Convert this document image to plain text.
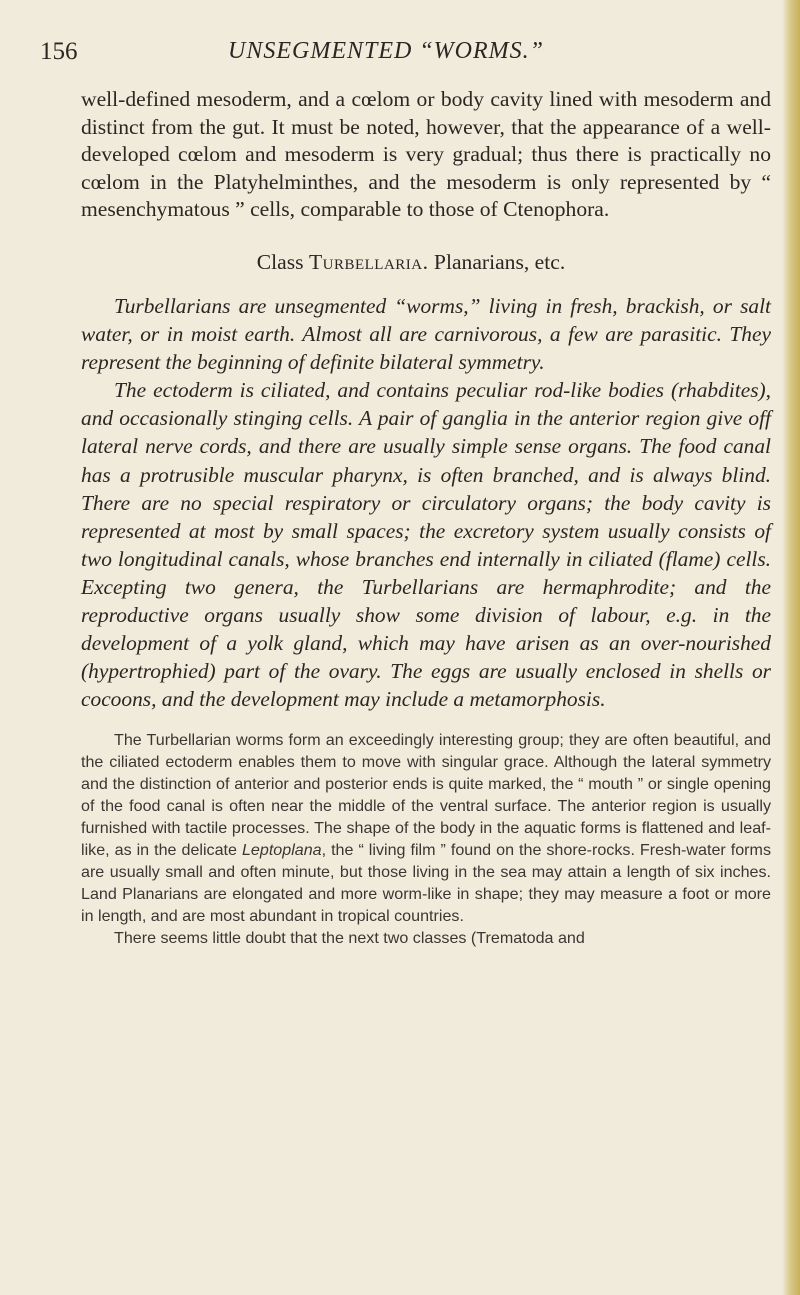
156	UNSEGMENTED “WORMS.”

well-defined mesoderm, and a cœlom or body cavity lined with mesoderm and distinct from the gut. It must be noted, however, that the appearance of a well-developed cœlom and mesoderm is very gradual; thus there is practically no cœlom in the Platyhelminthes, and the mesoderm is only represented by “ mesenchymatous ” cells, comparable to those of Ctenophora.

Class Turbellaria. Planarians, etc.

Turbellarians are unsegmented “worms,” living in fresh, brackish, or salt water, or in moist earth. Almost all are carnivorous, a few are parasitic. They represent the beginning of definite bilateral symmetry.

The ectoderm is ciliated, and contains peculiar rod-like bodies (rhabdites), and occasionally stinging cells. A pair of ganglia in the anterior region give off lateral nerve cords, and there are usually simple sense organs. The food canal has a protrusible muscular pharynx, is often branched, and is always blind. There are no special respiratory or circulatory organs; the body cavity is represented at most by small spaces; the excretory system usually consists of two longitudinal canals, whose branches end internally in ciliated (flame) cells. Excepting two genera, the Turbellarians are hermaphrodite; and the reproductive organs usually show some division of labour, e.g. in the development of a yolk gland, which may have arisen as an over-nourished (hypertrophied) part of the ovary. The eggs are usually enclosed in shells or cocoons, and the development may include a metamorphosis.

The Turbellarian worms form an exceedingly interesting group; they are often beautiful, and the ciliated ectoderm enables them to move with singular grace. Although the lateral symmetry and the distinction of anterior and posterior ends is quite marked, the “ mouth ” or single opening of the food canal is often near the middle of the ventral surface. The anterior region is usually furnished with tactile processes. The shape of the body in the aquatic forms is flattened and leaf-like, as in the delicate Leptoplana, the “ living film ” found on the shore-rocks. Fresh-water forms are usually small and often minute, but those living in the sea may attain a length of six inches. Land Planarians are elongated and more worm-like in shape; they may measure a foot or more in length, and are most abundant in tropical countries.

There seems little doubt that the next two classes (Trematoda and
